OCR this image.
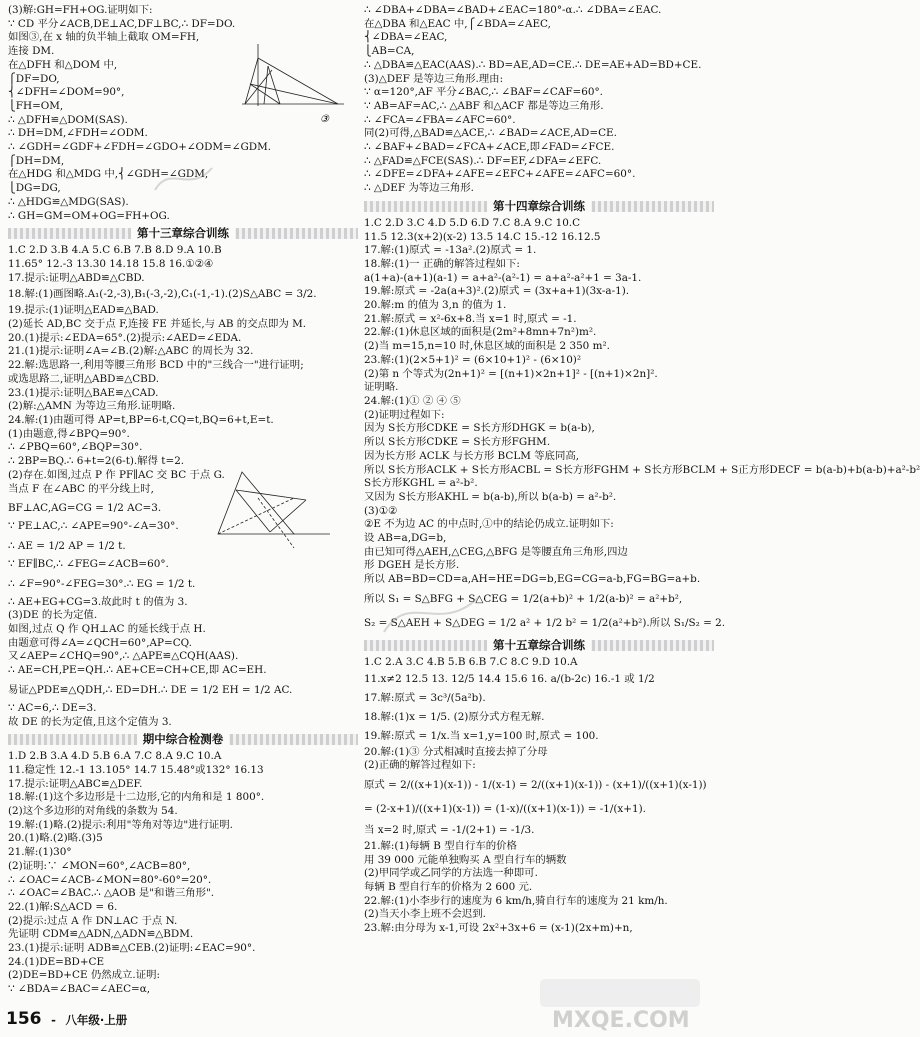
(3)解:GH=FH+OG.证明如下:
∵ CD 平分∠ACB,DE⊥AC,DF⊥BC,∴ DF=DO.
如图③,在 x 轴的负半轴上截取 OM=FH,
连接 DM.
在△DFH 和△DOM 中,
⎧DF=DO,
⎨∠DFH=∠DOM=90°,
⎩FH=OM,
∴ △DFH≌△DOM(SAS).
∴ DH=DM,∠FDH=∠ODM.
∴ ∠GDH=∠GDF+∠FDH=∠GDO+∠ODM=∠GDM.
⎧DH=DM,
在△HDG 和△MDG 中,⎨∠GDH=∠GDM,
⎩DG=DG,
∴ △HDG≌△MDG(SAS).
∴ GH=GM=OM+OG=FH+OG.
第十三章综合训练
1.C 2.D 3.B 4.A 5.C 6.B 7.B 8.D 9.A 10.B
11.65° 12.-3 13.30 14.18 15.8 16.①②④
17.提示:证明△ABD≌△CBD.
18.解:(1)画图略.A₁(-2,-3),B₁(-3,-2),C₁(-1,-1).(2)S△ABC = 3/2.
19.提示:(1)证明△EAD≌△BAD.
(2)延长 AD,BC 交于点 F,连接 FE 并延长,与 AB 的交点即为 M.
20.(1)提示:∠EDA=65°.(2)提示:∠AED=∠EDA.
21.(1)提示:证明∠A=∠B.(2)解:△ABC 的周长为 32.
22.解:选思路一,利用等腰三角形 BCD 中的"三线合一"进行证明;
或选思路二,证明△ABD≌△CBD.
23.(1)提示:证明△BAE≌△CAD.
(2)解:△AMN 为等边三角形.证明略.
24.解:(1)由题可得 AP=t,BP=6-t,CQ=t,BQ=6+t,E=t.
(1)由题意,得∠BPQ=90°.
∴ ∠PBQ=60°,∠BQP=30°.
∴ 2BP=BQ.∴ 6+t=2(6-t).解得 t=2.
(2)存在.如图,过点 P 作 PF∥AC 交 BC 于点 G.
当点 F 在∠ABC 的平分线上时,
BF⊥AC,AG=CG = 1/2 AC=3.
∵ PE⊥AC,∴ ∠APE=90°-∠A=30°.
∴ AE = 1/2 AP = 1/2 t.
∵ EF∥BC,∴ ∠FEG=∠ACB=60°.
∴ ∠F=90°-∠FEG=30°.∴ EG = 1/2 t.
∴ AE+EG+CG=3.故此时 t 的值为 3.
(3)DE 的长为定值.
如图,过点 Q 作 QH⊥AC 的延长线于点 H.
由题意可得∠A=∠QCH=60°,AP=CQ.
又∠AEP=∠CHQ=90°,∴ △APE≌△CQH(AAS).
∴ AE=CH,PE=QH.∴ AE+CE=CH+CE,即 AC=EH.
易证△PDE≌△QDH,∴ ED=DH.∴ DE = 1/2 EH = 1/2 AC.
∵ AC=6,∴ DE=3.
故 DE 的长为定值,且这个定值为 3.
期中综合检测卷
1.D 2.B 3.A 4.D 5.B 6.A 7.C 8.A 9.C 10.A
11.稳定性 12.-1 13.105° 14.7 15.48°或132° 16.13
17.提示:证明△ABC≌△DEF.
18.解:(1)这个多边形是十二边形,它的内角和是 1 800°.
(2)这个多边形的对角线的条数为 54.
19.解:(1)略.(2)提示:利用"等角对等边"进行证明.
20.(1)略.(2)略.(3)5
21.解:(1)30°
(2)证明:∵ ∠MON=60°,∠ACB=80°,
∴ ∠OAC=∠ACB-∠MON=80°-60°=20°.
∴ ∠OAC=∠BAC.∴ △AOB 是"和谐三角形".
22.(1)解:S△ACD = 6.
(2)提示:过点 A 作 DN⊥AC 于点 N.
先证明 CDM≌△ADN,△ADN≌△BDM.
23.(1)提示:证明 ADB≌△CEB.(2)证明:∠EAC=90°.
24.(1)DE=BD+CE
(2)DE=BD+CE 仍然成立.证明:
∵ ∠BDA=∠BAC=∠AEC=α,
∴ ∠DBA+∠DBA=∠BAD+∠EAC=180°-α.∴ ∠DBA=∠EAC.
在△DBA 和△EAC 中,⎧∠BDA=∠AEC,
⎨∠DBA=∠EAC,
⎩AB=CA,
∴ △DBA≌△EAC(AAS).∴ BD=AE,AD=CE.∴ DE=AE+AD=BD+CE.
(3)△DEF 是等边三角形.理由:
∵ α=120°,AF 平分∠BAC,∴ ∠BAF=∠CAF=60°.
∵ AB=AF=AC,∴ △ABF 和△ACF 都是等边三角形.
∴ ∠FCA=∠FBA=∠AFC=60°.
同(2)可得,△BAD≌△ACE,∴ ∠BAD=∠ACE,AD=CE.
∴ ∠BAF+∠BAD=∠FCA+∠ACE,即∠FAD=∠FCE.
∴ △FAD≌△FCE(SAS).∴ DF=EF,∠DFA=∠EFC.
∴ ∠DFE=∠DFA+∠AFE=∠EFC+∠AFE=∠AFC=60°.
∴ △DEF 为等边三角形.
第十四章综合训练
1.C 2.D 3.C 4.D 5.D 6.D 7.C 8.A 9.C 10.C
11.5 12.3(x+2)(x-2) 13.5 14.C 15.-12 16.12.5
17.解:(1)原式 = -13a².(2)原式 = 1.
18.解:(1)一 正确的解答过程如下:
a(1+a)-(a+1)(a-1) = a+a²-(a²-1) = a+a²-a²+1 = 3a-1.
19.解:原式 = -2a(a+3)².(2)原式 = (3x+a+1)(3x-a-1).
20.解:m 的值为 3,n 的值为 1.
21.解:原式 = x²-6x+8.当 x=1 时,原式 = -1.
22.解:(1)休息区域的面积是(2m²+8mn+7n²)m².
(2)当 m=15,n=10 时,休息区域的面积是 2 350 m².
23.解:(1)(2×5+1)² = (6×10+1)² - (6×10)²
(2)第 n 个等式为(2n+1)² = [(n+1)×2n+1]² - [(n+1)×2n]².
证明略.
24.解:(1)① ② ④ ⑤
(2)证明过程如下:
因为 S长方形CDKE = S长方形DHGK = b(a-b),
所以 S长方形CDKE = S长方形FGHM.
因为长方形 ACLK 与长方形 BCLM 等底同高,
所以 S长方形ACLK + S长方形ACBL = S长方形FGHM + S长方形BCLM + S正方形DECF = b(a-b)+b(a-b)+a²-b²
S长方形KGHL = a²-b².
又因为 S长方形AKHL = b(a-b),所以 b(a-b) = a²-b².
(3)①②
②E 不为边 AC 的中点时,①中的结论仍成立.证明如下:
设 AB=a,DG=b,
由已知可得△AEH,△CEG,△BFG 是等腰直角三角形,四边
形 DGEH 是长方形.
所以 AB=BD=CD=a,AH=HE=DG=b,EG=CG=a-b,FG=BG=a+b.
所以 S₁ = S△BFG + S△CEG = 1/2(a+b)² + 1/2(a-b)² = a²+b²,
S₂ = S△AEH + S△DEG = 1/2 a² + 1/2 b² = 1/2(a²+b²).所以 S₁/S₂ = 2.
第十五章综合训练
1.C 2.A 3.C 4.B 5.B 6.B 7.C 8.C 9.D 10.A
11.x≠2 12.5 13. 12/5 14.4 15.6 16. a/(b-2c) 16.-1 或 1/2
17.解:原式 = 3c³/(5a²b).
18.解:(1)x = 1/5. (2)原分式方程无解.
19.解:原式 = 1/x.当 x=1,y=100 时,原式 = 100.
20.解:(1)③ 分式相减时直接去掉了分母
(2)正确的解答过程如下:
原式 = 2/((x+1)(x-1)) - 1/(x-1) = 2/((x+1)(x-1)) - (x+1)/((x+1)(x-1))
= (2-x+1)/((x+1)(x-1)) = (1-x)/((x+1)(x-1)) = -1/(x+1).
当 x=2 时,原式 = -1/(2+1) = -1/3.
21.解:(1)每辆 B 型自行车的价格
用 39 000 元能单独购买 A 型自行车的辆数
(2)甲同学或乙同学的方法选一种即可.
每辆 B 型自行车的价格为 2 600 元.
22.解:(1)小李步行的速度为 6 km/h,骑自行车的速度为 21 km/h.
(2)当天小李上班不会迟到.
23.解:由分母为 x-1,可设 2x²+3x+6 = (x-1)(2x+m)+n,
③
156 - 八年级·上册	MXQE.COM
